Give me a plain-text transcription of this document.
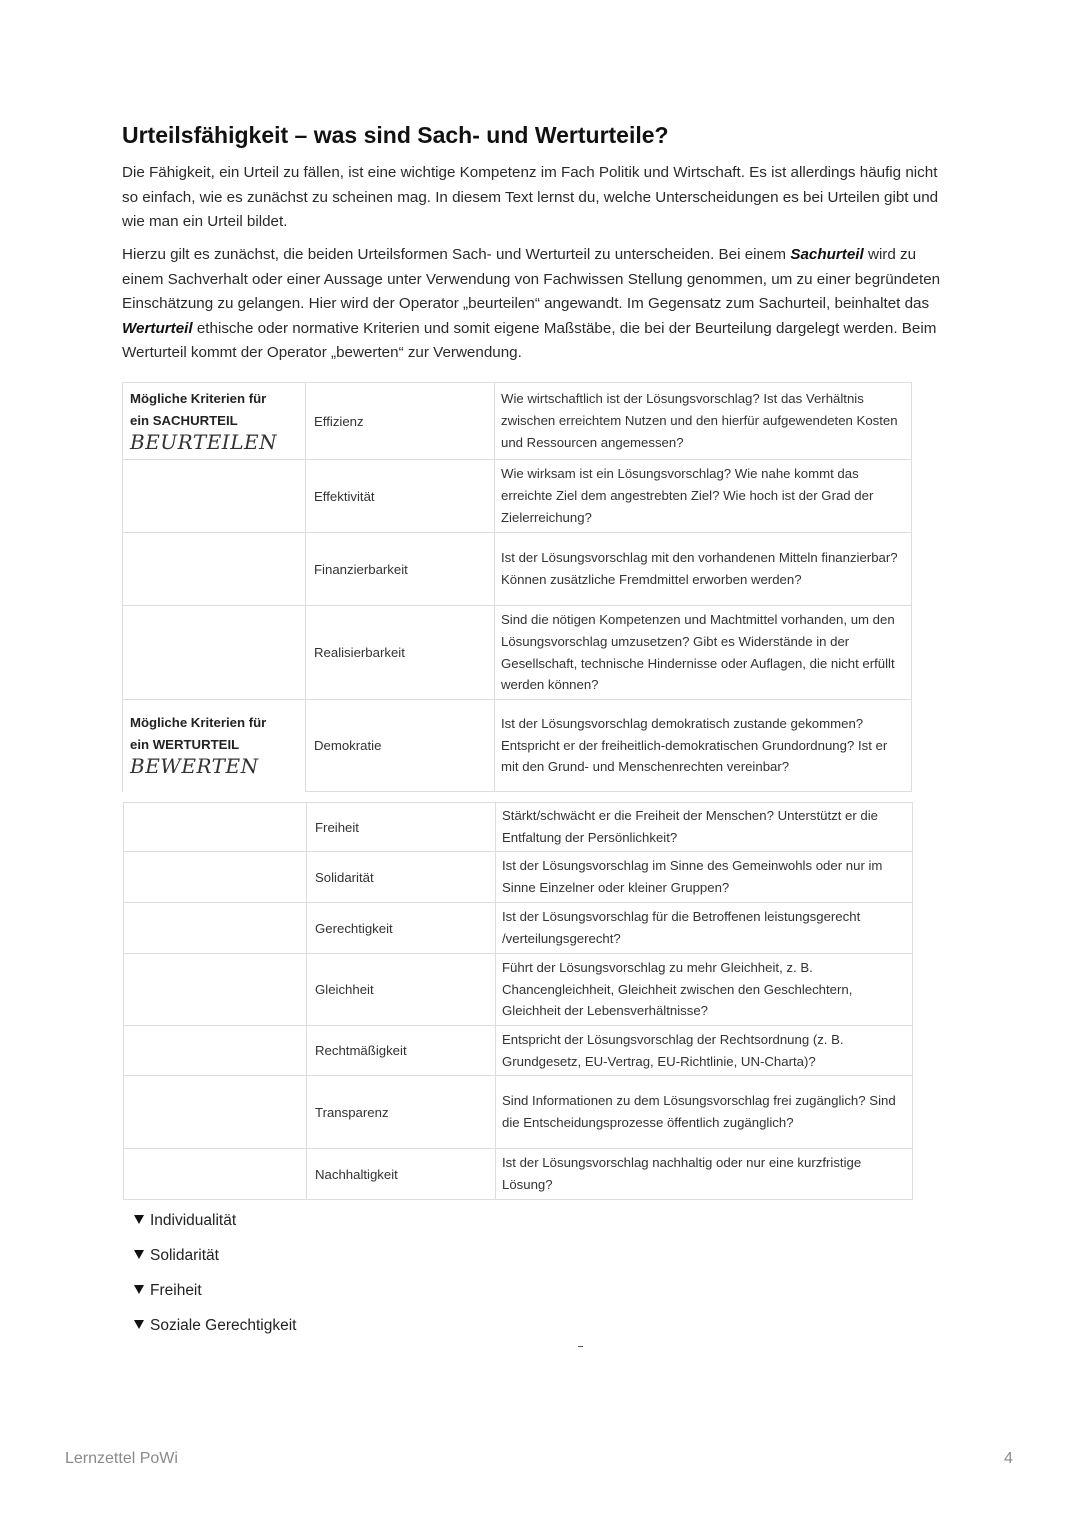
Urteilsfähigkeit – was sind Sach- und Werturteile?

Die Fähigkeit, ein Urteil zu fällen, ist eine wichtige Kompetenz im Fach Politik und Wirtschaft. Es ist allerdings häufig nicht so einfach, wie es zunächst zu scheinen mag. In diesem Text lernst du, welche Unterscheidungen es bei Urteilen gibt und wie man ein Urteil bildet.

Hierzu gilt es zunächst, die beiden Urteilsformen Sach- und Werturteil zu unterscheiden. Bei einem Sachurteil wird zu einem Sachverhalt oder einer Aussage unter Verwendung von Fachwissen Stellung genommen, um zu einer begründeten Einschätzung zu gelangen. Hier wird der Operator „beurteilen“ angewandt. Im Gegensatz zum Sachurteil, beinhaltet das Werturteil ethische oder normative Kriterien und somit eigene Maßstäbe, die bei der Beurteilung dargelegt werden. Beim Werturteil kommt der Operator „bewerten“ zur Verwendung.

Mögliche Kriterien für
ein SACHURTEIL
BEURTEILEN	Effizienz	Wie wirtschaftlich ist der Lösungsvorschlag? Ist das Verhältnis zwischen erreichtem Nutzen und den hierfür aufgewendeten Kosten und Ressourcen angemessen?
	Effektivität	Wie wirksam ist ein Lösungsvorschlag? Wie nahe kommt das erreichte Ziel dem angestrebten Ziel? Wie hoch ist der Grad der Zielerreichung?
	Finanzierbarkeit	Ist der Lösungsvorschlag mit den vorhandenen Mitteln finanzierbar? Können zusätzliche Fremdmittel erworben werden?
	Realisierbarkeit	Sind die nötigen Kompetenzen und Machtmittel vorhanden, um den Lösungsvorschlag umzusetzen? Gibt es Widerstände in der Gesellschaft, technische Hindernisse oder Auflagen, die nicht erfüllt werden können?

Mögliche Kriterien für
ein WERTURTEIL
BEWERTEN	Demokratie	Ist der Lösungsvorschlag demokratisch zustande gekommen? Entspricht er der freiheitlich-demokratischen Grundordnung? Ist er mit den Grund- und Menschenrechten vereinbar?
	Freiheit	Stärkt/schwächt er die Freiheit der Menschen? Unterstützt er die Entfaltung der Persönlichkeit?
	Solidarität	Ist der Lösungsvorschlag im Sinne des Gemeinwohls oder nur im Sinne Einzelner oder kleiner Gruppen?
	Gerechtigkeit	Ist der Lösungsvorschlag für die Betroffenen leistungsgerecht /verteilungsgerecht?
	Gleichheit	Führt der Lösungsvorschlag zu mehr Gleichheit, z. B. Chancengleichheit, Gleichheit zwischen den Geschlechtern, Gleichheit der Lebensverhältnisse?
	Rechtmäßigkeit	Entspricht der Lösungsvorschlag der Rechtsordnung (z. B. Grundgesetz, EU-Vertrag, EU-Richtlinie, UN-Charta)?
	Transparenz	Sind Informationen zu dem Lösungsvorschlag frei zugänglich? Sind die Entscheidungsprozesse öffentlich zugänglich?
	Nachhaltigkeit	Ist der Lösungsvorschlag nachhaltig oder nur eine kurzfristige Lösung?
Individualität
Solidarität
Freiheit
Soziale Gerechtigkeit
Lernzettel PoWi	4
